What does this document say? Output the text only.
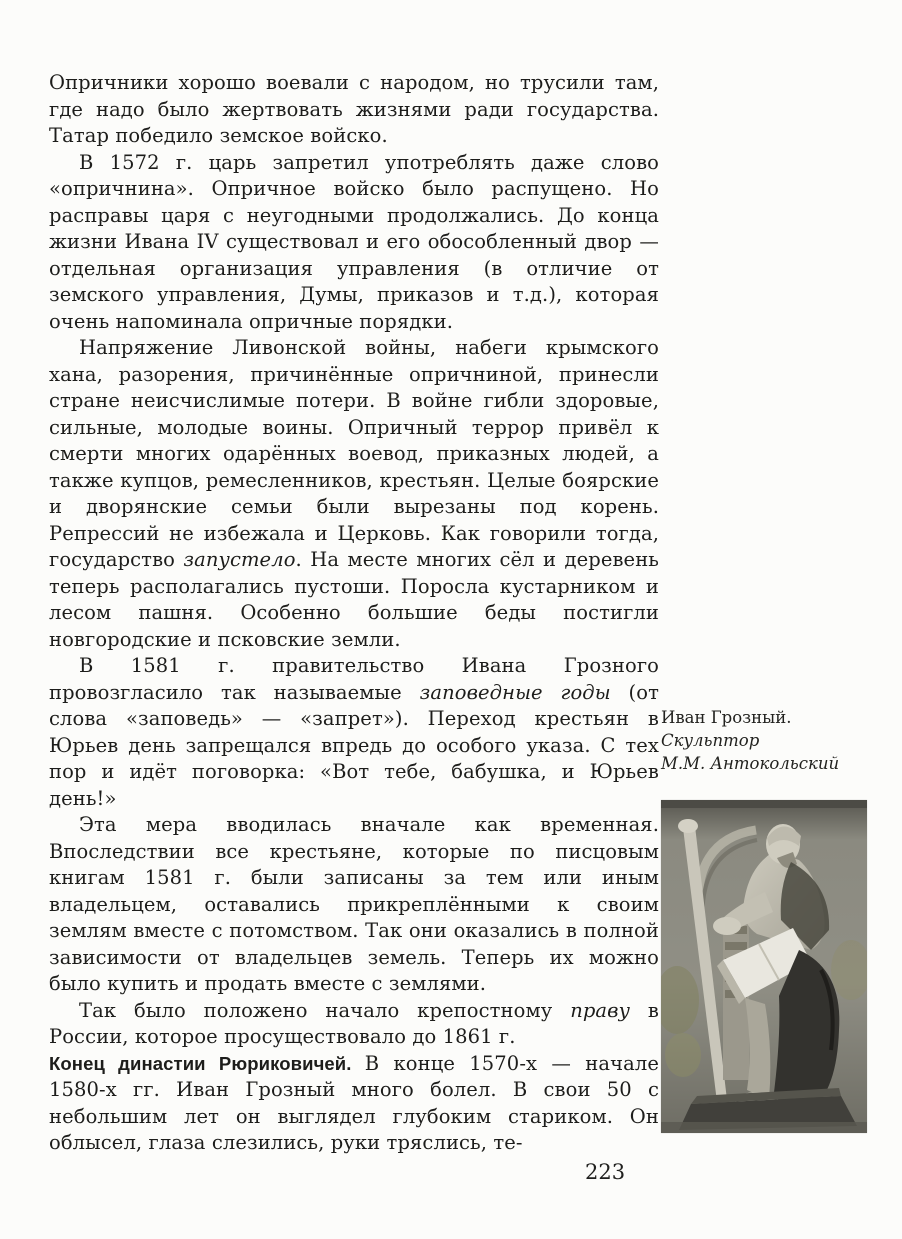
Опричники хорошо воевали с народом, но трусили там, где надо было жертвовать жизнями ради государства. Татар победило земское войско.

В 1572 г. царь запретил употреблять даже слово «опричнина». Опричное войско было распущено. Но расправы царя с неугодными продолжались. До конца жизни Ивана IV существовал и его обособленный двор — отдельная организация управления (в отличие от земского управления, Думы, приказов и т.д.), которая очень напоминала опричные порядки.

Напряжение Ливонской войны, набеги крымского хана, разорения, причинённые опричниной, принесли стране неисчислимые потери. В войне гибли здоровые, сильные, молодые воины. Опричный террор привёл к смерти многих одарённых воевод, приказных людей, а также купцов, ремесленников, крестьян. Целые боярские и дворянские семьи были вырезаны под корень. Репрессий не избежала и Церковь. Как говорили тогда, государство запустело. На месте многих сёл и деревень теперь располагались пустоши. Поросла кустарником и лесом пашня. Особенно большие беды постигли новгородские и псковские земли.

В 1581 г. правительство Ивана Грозного провозгласило так называемые заповедные годы (от слова «заповедь» — «запрет»). Переход крестьян в Юрьев день запрещался впредь до особого указа. С тех пор и идёт поговорка: «Вот тебе, бабушка, и Юрьев день!»

Эта мера вводилась вначале как временная. Впоследствии все крестьяне, которые по писцовым книгам 1581 г. были записаны за тем или иным владельцем, оставались прикреплёнными к своим землям вместе с потомством. Так они оказались в полной зависимости от владельцев земель. Теперь их можно было купить и продать вместе с землями.

Так было положено начало крепостному праву в России, которое просуществовало до 1861 г.

Конец династии Рюриковичей. В конце 1570-х — начале 1580-х гг. Иван Грозный много болел. В свои 50 с небольшим лет он выглядел глубоким стариком. Он облысел, глаза слезились, руки тряслись, те-

Иван Грозный.
Скульптор
М.М. Антокольский
223
